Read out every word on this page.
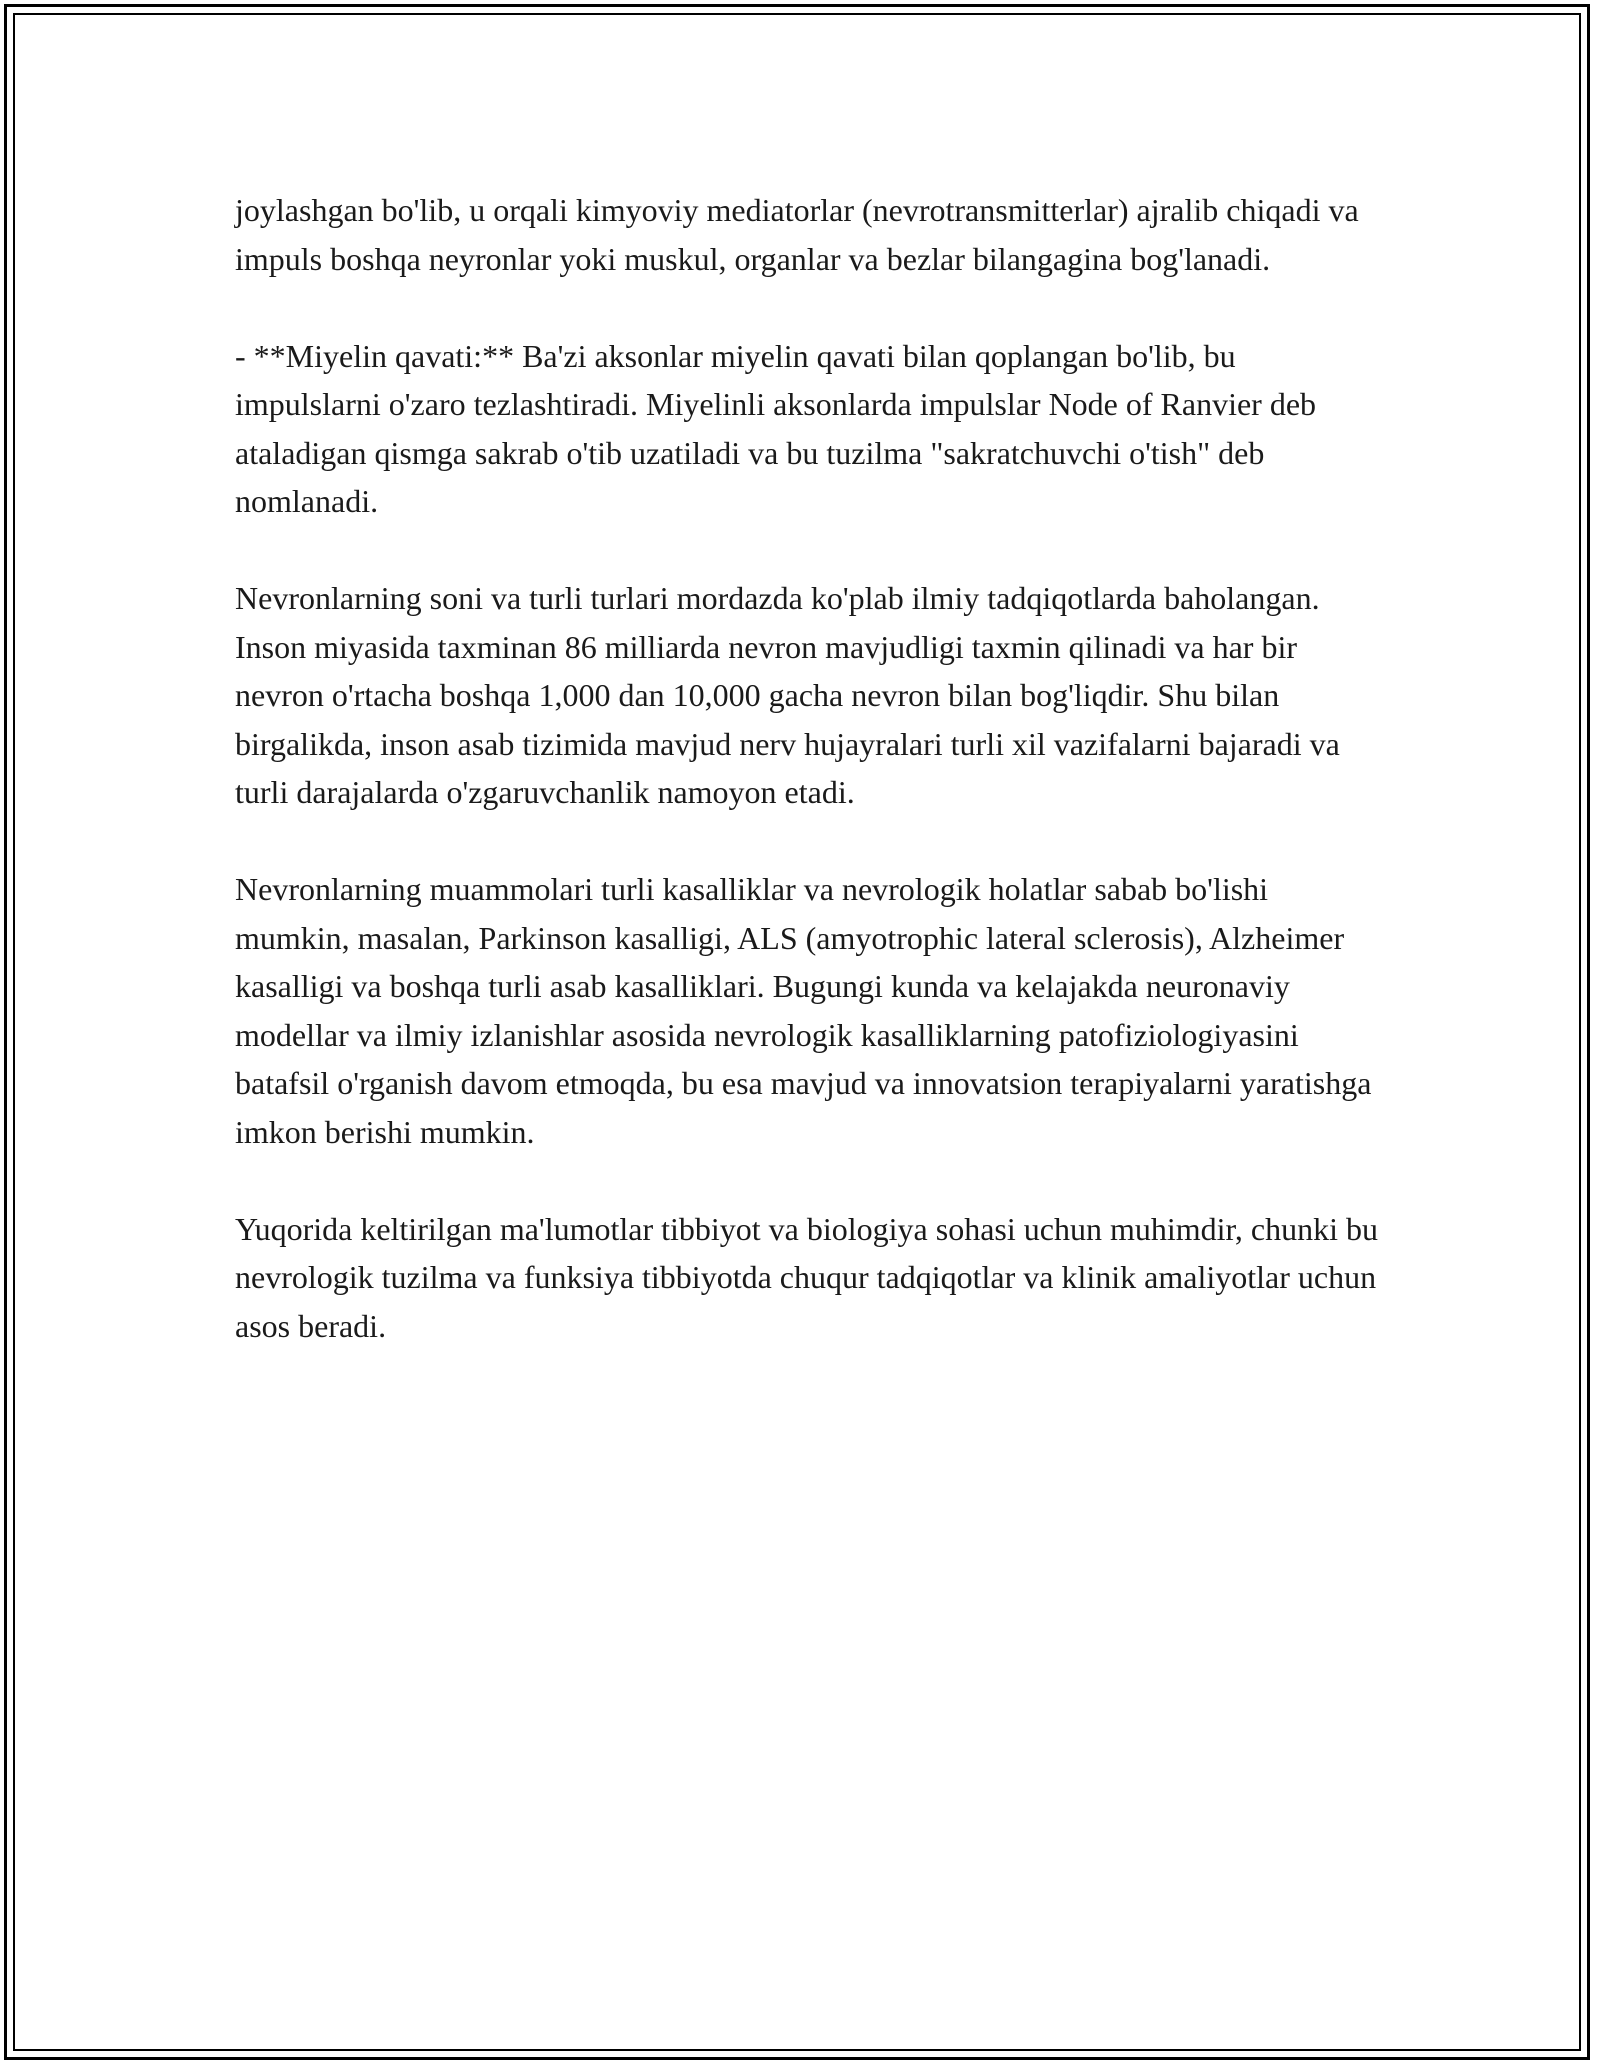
joylashgan bo'lib, u orqali kimyoviy mediatorlar (nevrotransmitterlar) ajralib chiqadi va impuls boshqa neyronlar yoki muskul, organlar va bezlar bilangagina bog'lanadi.

- **Miyelin qavati:** Ba'zi aksonlar miyelin qavati bilan qoplangan bo'lib, bu impulslarni o'zaro tezlashtiradi. Miyelinli aksonlarda impulslar Node of Ranvier deb ataladigan qismga sakrab o'tib uzatiladi va bu tuzilma "sakratchuvchi o'tish" deb nomlanadi.

Nevronlarning soni va turli turlari mordazda ko'plab ilmiy tadqiqotlarda baholangan. Inson miyasida taxminan 86 milliarda nevron mavjudligi taxmin qilinadi va har bir nevron o'rtacha boshqa 1,000 dan 10,000 gacha nevron bilan bog'liqdir. Shu bilan birgalikda, inson asab tizimida mavjud nerv hujayralari turli xil vazifalarni bajaradi va turli darajalarda o'zgaruvchanlik namoyon etadi.

Nevronlarning muammolari turli kasalliklar va nevrologik holatlar sabab bo'lishi mumkin, masalan, Parkinson kasalligi, ALS (amyotrophic lateral sclerosis), Alzheimer kasalligi va boshqa turli asab kasalliklari. Bugungi kunda va kelajakda neuronaviy modellar va ilmiy izlanishlar asosida nevrologik kasalliklarning patofiziologiyasini batafsil o'rganish davom etmoqda, bu esa mavjud va innovatsion terapiyalarni yaratishga imkon berishi mumkin.

Yuqorida keltirilgan ma'lumotlar tibbiyot va biologiya sohasi uchun muhimdir, chunki bu nevrologik tuzilma va funksiya tibbiyotda chuqur tadqiqotlar va klinik amaliyotlar uchun asos beradi.
